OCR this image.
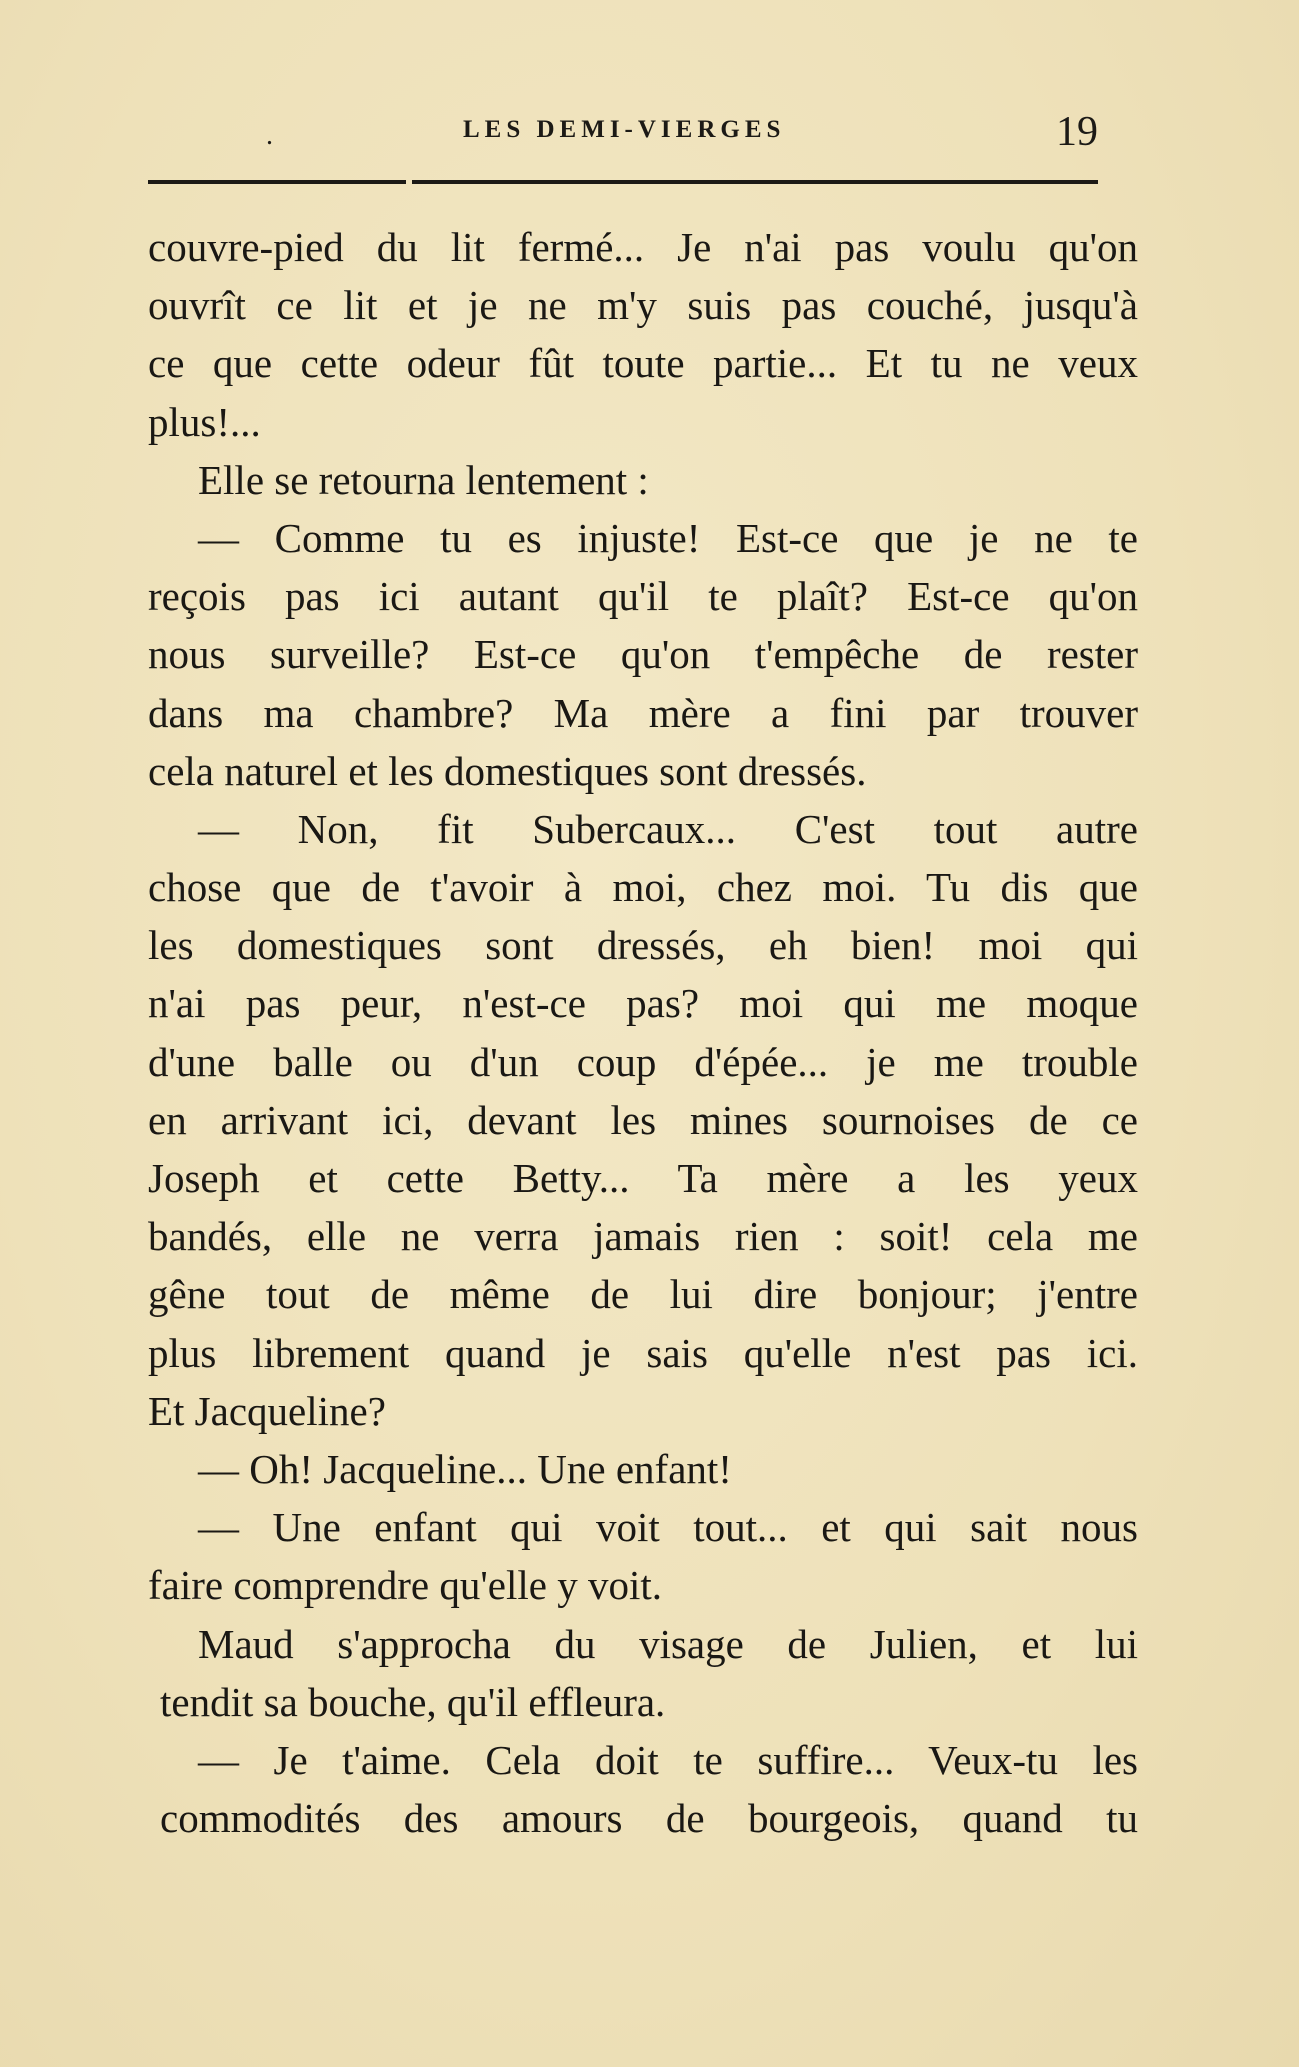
.	LES DEMI-VIERGES	19
couvre-pied du lit fermé... Je n'ai pas voulu qu'on
ouvrît ce lit et je ne m'y suis pas couché, jusqu'à
ce que cette odeur fût toute partie... Et tu ne veux
plus!...
Elle se retourna lentement :
— Comme tu es injuste! Est-ce que je ne te
reçois pas ici autant qu'il te plaît? Est-ce qu'on
nous surveille? Est-ce qu'on t'empêche de rester
dans ma chambre? Ma mère a fini par trouver
cela naturel et les domestiques sont dressés.
— Non, fit Subercaux... C'est tout autre
chose que de t'avoir à moi, chez moi. Tu dis que
les domestiques sont dressés, eh bien! moi qui
n'ai pas peur, n'est-ce pas? moi qui me moque
d'une balle ou d'un coup d'épée... je me trouble
en arrivant ici, devant les mines sournoises de ce
Joseph et cette Betty... Ta mère a les yeux
bandés, elle ne verra jamais rien : soit! cela me
gêne tout de même de lui dire bonjour; j'entre
plus librement quand je sais qu'elle n'est pas ici.
Et Jacqueline?
— Oh! Jacqueline... Une enfant!
— Une enfant qui voit tout... et qui sait nous
faire comprendre qu'elle y voit.
Maud s'approcha du visage de Julien, et lui
tendit sa bouche, qu'il effleura.
— Je t'aime. Cela doit te suffire... Veux-tu les
commodités des amours de bourgeois, quand tu
